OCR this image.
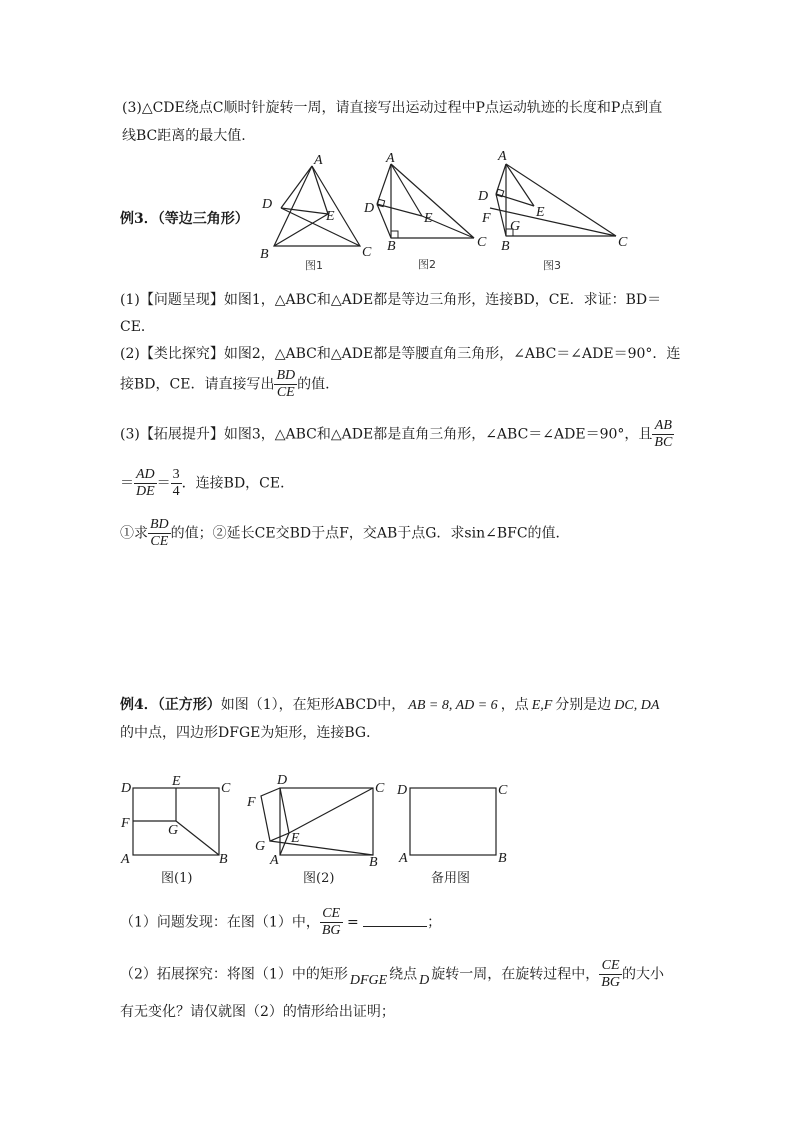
(3)△CDE绕点C顺时针旋转一周，请直接写出运动过程中P点运动轨迹的长度和P点到直
线BC距离的最大值.
例3．（等边三角形）
A
D
E
B	C
图1
A
D
E
B	C
图2
A
D
F	E
G
B	C
图3
(1)【问题呈现】如图1，△ABC和△ADE都是等边三角形，连接BD，CE．求证：BD＝
CE．
(2)【类比探究】如图2，△ABC和△ADE都是等腰直角三角形，∠ABC＝∠ADE＝90°．连
接BD，CE．请直接写出 $\frac{BD}{CE}$ 的值.
(3)【拓展提升】如图3，△ABC和△ADE都是直角三角形，∠ABC＝∠ADE＝90°，且 $\frac{AB}{BC}$
＝ $\frac{AD}{DE} = \frac{3}{4}$ ．连接BD，CE．
①求 $\frac{BD}{CE}$ 的值；②延长CE交BD于点F，交AB于点G．求sin∠BFC的值．
例4．（正方形）如图（1），在矩形ABCD中， AB = 8, AD = 6 ，点 E,F 分别是边 DC, DA
的中点，四边形DFGE为矩形，连接BG．
D	E	C
F	G
A	B
图(1)
D
F
C
E
G
A	B
图(2)
D	C
A	B
备用图
（1）问题发现：在图（1）中， $\frac{CE}{BG}$ =	；
（2）拓展探究：将图（1）中的矩形 DFGE 绕点 D 旋转一周，在旋转过程中， $\frac{CE}{BG}$ 的大小
有无变化？请仅就图（2）的情形给出证明；
